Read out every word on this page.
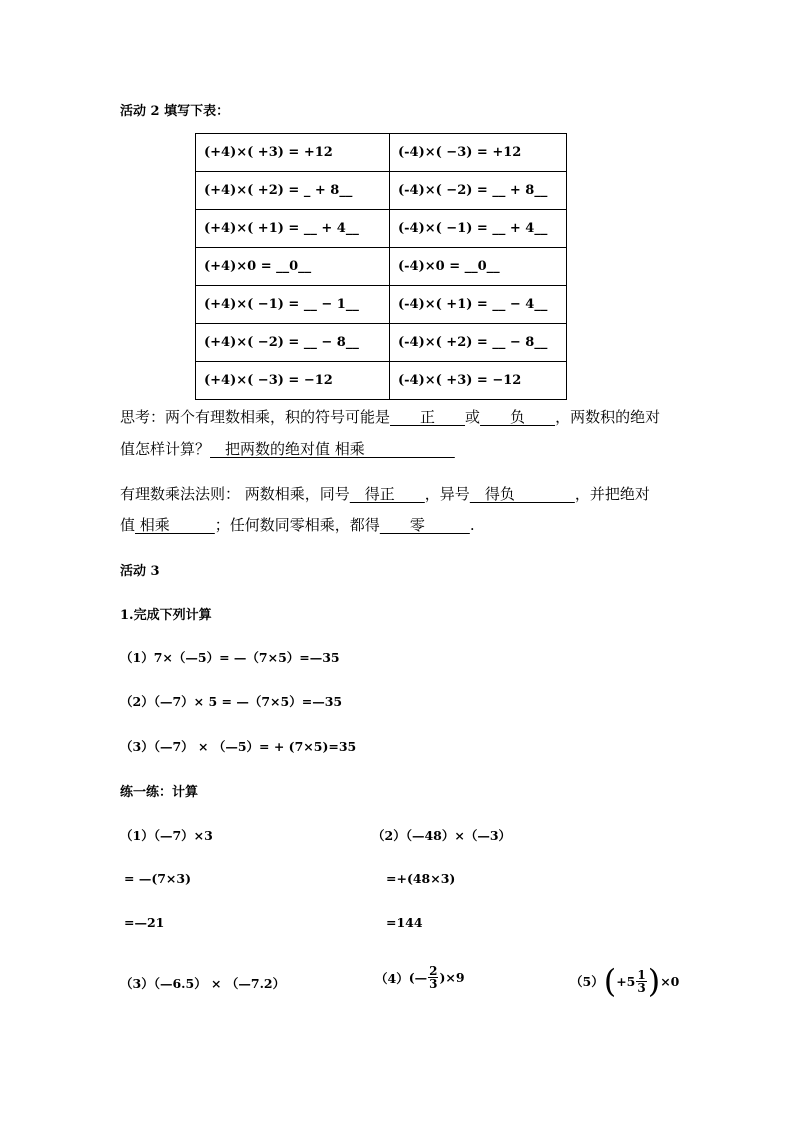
活动 2 填写下表：
(+4)×( +3) = +12	(-4)×( −3) = +12
(+4)×( +2) = _ + 8__	(-4)×( −2) = __ + 8__
(+4)×( +1) = __ + 4__	(-4)×( −1) = __ + 4__
(+4)×0 = __0__	(-4)×0 = __0__
(+4)×( −1) = __ − 1__	(-4)×( +1) = __ − 4__
(+4)×( −2) = __ − 8__	(-4)×( +2) = __ − 8__
(+4)×( −3) = −12	(-4)×( +3) = −12
思考：两个有理数相乘，积的符号可能是　　正　　或　　负　　，两数积的绝对
值怎样计算？　把两数的绝对值 相乘　　　　　　
有理数乘法法则： 两数相乘，同号　得正　　，异号　得负　　　　，并把绝对
值 相乘　　　；任何数同零相乘，都得　　零　　　.
活动 3
1.完成下列计算
（1）7×（—5）= —（7×5）=—35
（2）（—7）× 5 = —（7×5）=—35
（3）（—7） × （—5）= + (7×5)=35
练一练：计算
（1）（—7）×3
= —(7×3)
=—21
（2）（—48）×（—3）
=+(48×3)
=144
（3）（—6.5） × （—7.2）	（4） (— $\frac{2}{3} )\times 9$	（5） ( $+5 \frac{1}{3}$ ) ×0
